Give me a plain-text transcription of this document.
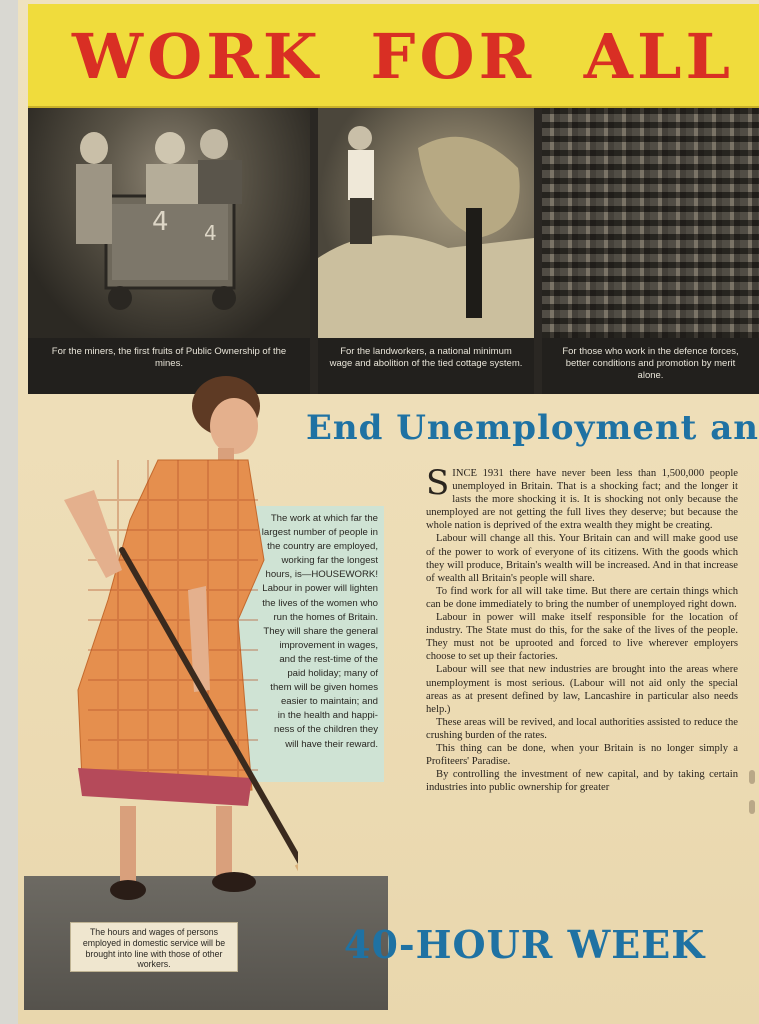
WORK FOR ALL
4 4
For the miners, the first fruits of Public Ownership of the mines.
For the landworkers, a national minimum wage and abolition of the tied cottage system.
For those who work in the defence forces, better conditions and promotion by merit alone.
End Unemployment an
The work at which far the
largest number of people in
the country are employed,
working far the longest
hours, is—HOUSEWORK!
Labour in power will lighten
the lives of the women who
run the homes of Britain.
They will share the general
improvement in wages,
and the rest-time of the
paid holiday; many of
them will be given homes
easier to maintain; and
in the health and happi-
ness of the children they
will have their reward.
The hours and wages of persons employed in domestic service will be brought into line with those of other workers.

SINCE 1931 there have never been less than 1,500,000 people unemployed in Britain. That is a shocking fact; and the longer it lasts the more shocking it is. It is shocking not only because the unemployed are not getting the full lives they deserve; but because the whole nation is deprived of the extra wealth they might be creating.

Labour will change all this. Your Britain can and will make good use of the power to work of everyone of its citizens. With the goods which they will produce, Britain's wealth will be increased. And in that increase of wealth all Britain's people will share.

To find work for all will take time. But there are certain things which can be done immediately to bring the number of unemployed right down.

Labour in power will make itself responsible for the location of industry. The State must do this, for the sake of the lives of the people. They must not be uprooted and forced to live wherever employers choose to set up their factories.

Labour will see that new industries are brought into the areas where unemployment is most serious. (Labour will not aid only the special areas as at present defined by law, Lancashire in particular also needs help.)

These areas will be revived, and local authorities assisted to reduce the crushing burden of the rates.

This thing can be done, when your Britain is no longer simply a Profiteers' Paradise.

By controlling the investment of new capital, and by taking certain industries into public ownership for greater

40-HOUR WEEK
